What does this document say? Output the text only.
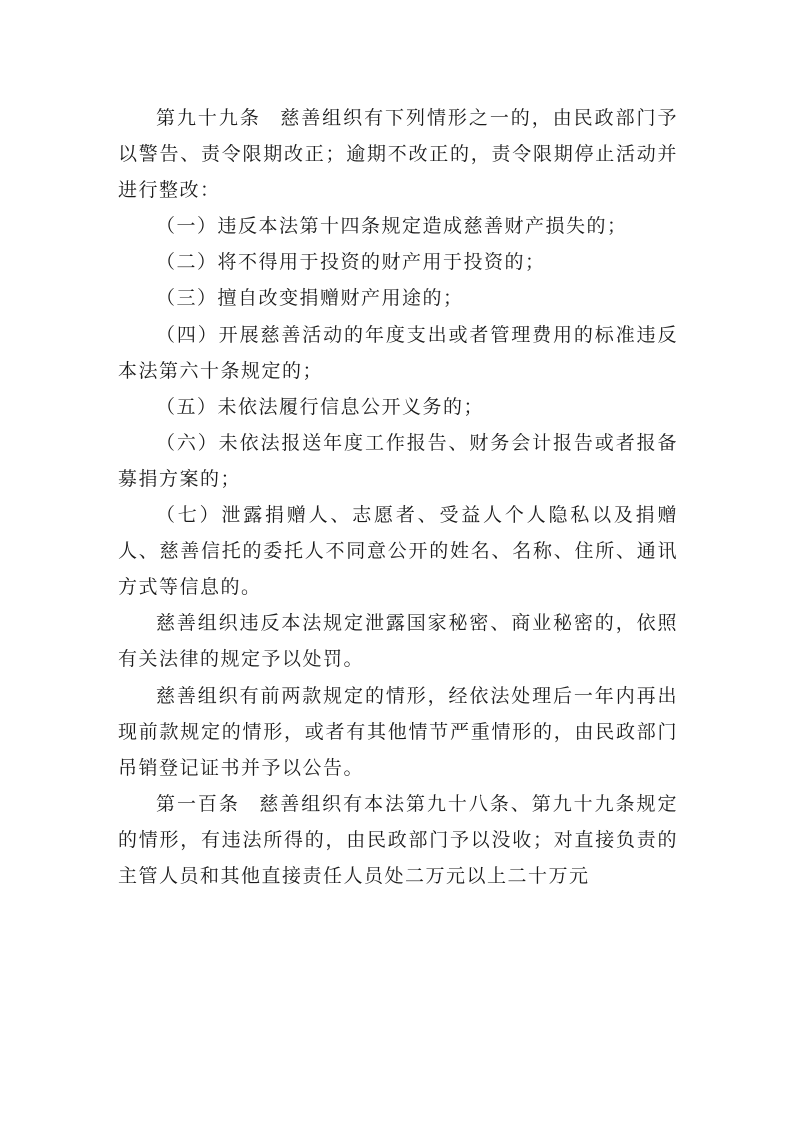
第九十九条 慈善组织有下列情形之一的，由民政部门予以警告、责令限期改正；逾期不改正的，责令限期停止活动并进行整改：

（一）违反本法第十四条规定造成慈善财产损失的；

（二）将不得用于投资的财产用于投资的；

（三）擅自改变捐赠财产用途的；

（四）开展慈善活动的年度支出或者管理费用的标准违反本法第六十条规定的；

（五）未依法履行信息公开义务的；

（六）未依法报送年度工作报告、财务会计报告或者报备募捐方案的；

（七）泄露捐赠人、志愿者、受益人个人隐私以及捐赠人、慈善信托的委托人不同意公开的姓名、名称、住所、通讯方式等信息的。

慈善组织违反本法规定泄露国家秘密、商业秘密的，依照有关法律的规定予以处罚。

慈善组织有前两款规定的情形，经依法处理后一年内再出现前款规定的情形，或者有其他情节严重情形的，由民政部门吊销登记证书并予以公告。

第一百条 慈善组织有本法第九十八条、第九十九条规定的情形，有违法所得的，由民政部门予以没收；对直接负责的主管人员和其他直接责任人员处二万元以上二十万元
